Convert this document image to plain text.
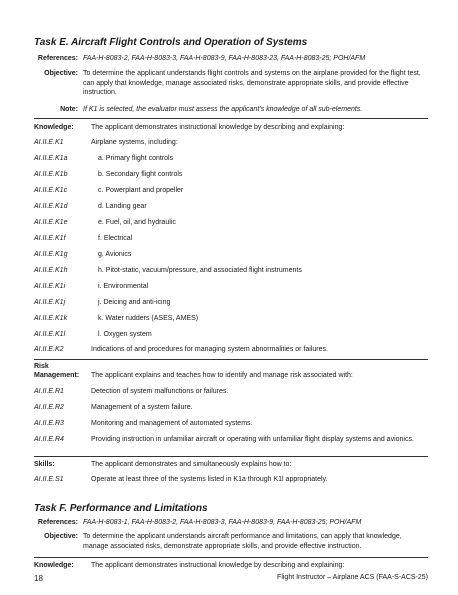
Task E. Aircraft Flight Controls and Operation of Systems
References: FAA-H-8083-2, FAA-H-8083-3, FAA-H-8083-9, FAA-H-8083-23, FAA-H-8083-25; POH/AFM
Objective: To determine the applicant understands flight controls and systems on the airplane provided for the flight test, can apply that knowledge, manage associated risks, demonstrate appropriate skills, and provide effective instruction.
Note: If K1 is selected, the evaluator must assess the applicant’s knowledge of all sub-elements.
Knowledge: The applicant demonstrates instructional knowledge by describing and explaining:
AI.II.E.K1	Airplane systems, including:
AI.II.E.K1a	a. Primary flight controls
AI.II.E.K1b	b. Secondary flight controls
AI.II.E.K1c	c. Powerplant and propeller
AI.II.E.K1d	d. Landing gear
AI.II.E.K1e	e. Fuel, oil, and hydraulic
AI.II.E.K1f	f. Electrical
AI.II.E.K1g	g. Avionics
AI.II.E.K1h	h. Pitot-static, vacuum/pressure, and associated flight instruments
AI.II.E.K1i	i. Environmental
AI.II.E.K1j	j. Deicing and anti-icing
AI.II.E.K1k	k. Water rudders (ASES, AMES)
AI.II.E.K1l	l. Oxygen system
AI.II.E.K2	Indications of and procedures for managing system abnormalities or failures.
Risk
Management: The applicant explains and teaches how to identify and manage risk associated with:
AI.II.E.R1	Detection of system malfunctions or failures.
AI.II.E.R2	Management of a system failure.
AI.II.E.R3	Monitoring and management of automated systems.
AI.II.E.R4	Providing instruction in unfamiliar aircraft or operating with unfamiliar flight display systems and avionics.
Skills:	The applicant demonstrates and simultaneously explains how to:
AI.II.E.S1	Operate at least three of the systems listed in K1a through K1l appropriately.
Task F. Performance and Limitations
References: FAA-H-8083-1, FAA-H-8083-2, FAA-H-8083-3, FAA-H-8083-9, FAA-H-8083-25; POH/AFM
Objective: To determine the applicant understands aircraft performance and limitations, can apply that knowledge, manage associated risks, demonstrate appropriate skills, and provide effective instruction.
Knowledge: The applicant demonstrates instructional knowledge by describing and explaining:
18	Flight Instructor – Airplane ACS (FAA-S-ACS-25)
